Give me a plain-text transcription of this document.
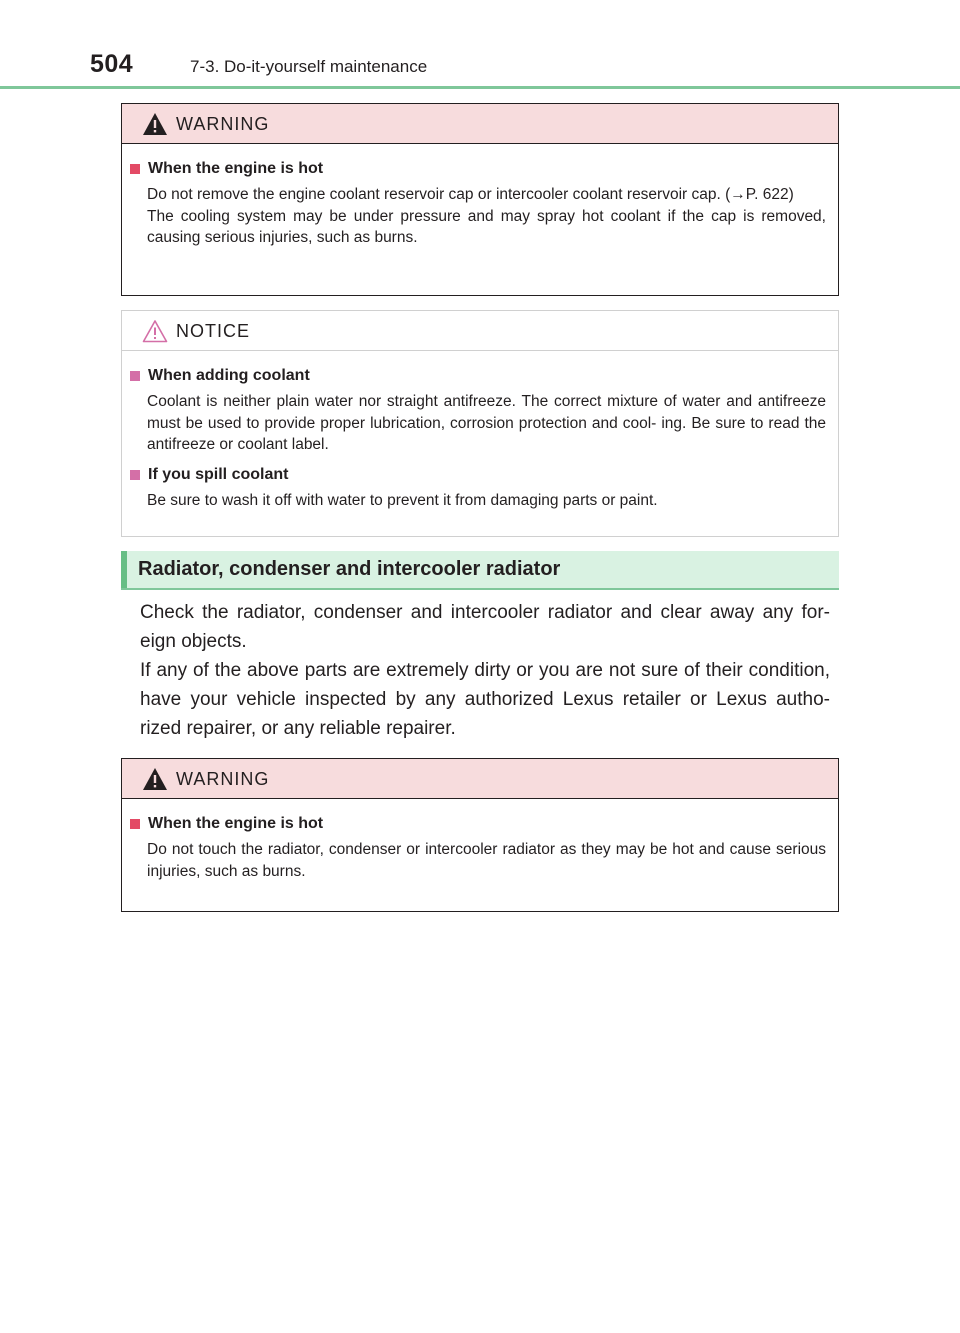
504	7-3. Do-it-yourself maintenance
WARNING
When the engine is hot

Do not remove the engine coolant reservoir cap or intercooler coolant reservoir cap. (→P. 622)

The cooling system may be under pressure and may spray hot coolant if the cap is removed, causing serious injuries, such as burns.

NOTICE
When adding coolant

Coolant is neither plain water nor straight antifreeze. The correct mixture of water and antifreeze must be used to provide proper lubrication, corrosion protection and cool- ing. Be sure to read the antifreeze or coolant label.

If you spill coolant

Be sure to wash it off with water to prevent it from damaging parts or paint.

Radiator, condenser and intercooler radiator

Check the radiator, condenser and intercooler radiator and clear away any for- eign objects.

If any of the above parts are extremely dirty or you are not sure of their condition, have your vehicle inspected by any authorized Lexus retailer or Lexus autho- rized repairer, or any reliable repairer.

WARNING
When the engine is hot

Do not touch the radiator, condenser or intercooler radiator as they may be hot and cause serious injuries, such as burns.
